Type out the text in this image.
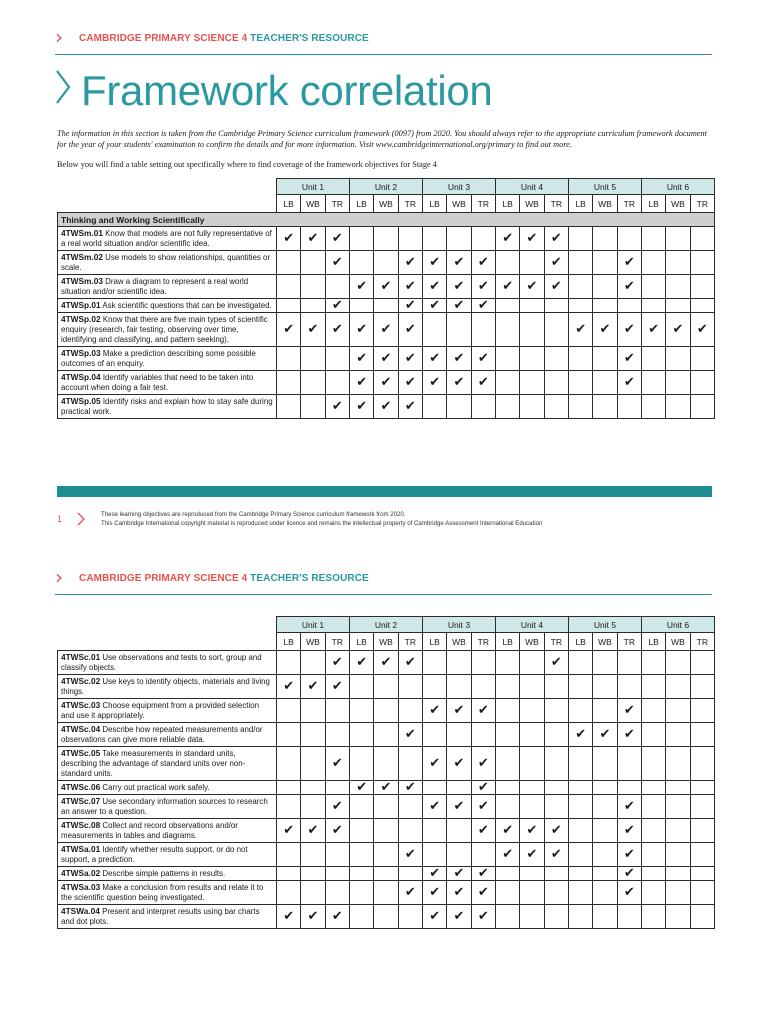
› CAMBRIDGE PRIMARY SCIENCE 4 TEACHER'S RESOURCE
Framework correlation
The information in this section is taken from the Cambridge Primary Science curriculum framework (0097) from 2020. You should always refer to the appropriate curriculum framework document for the year of your students' examination to confirm the details and for more information. Visit www.cambridgeinternational.org/primary to find out more.
Below you will find a table setting out specifically where to find coverage of the framework objectives for Stage 4
	Unit 1			Unit 2			Unit 3			Unit 4			Unit 5			Unit 6		
	LB	WB	TR	LB	WB	TR	LB	WB	TR	LB	WB	TR	LB	WB	TR	LB	WB	TR
Thinking and Working Scientifically																		
4TWSm.01 Know that models are not fully representative of a real world situation and/or scientific idea.	✔	✔	✔							✔	✔	✔						
4TWSm.02 Use models to show relationships, quantities or scale.			✔			✔	✔	✔	✔			✔			✔			
4TWSm.03 Draw a diagram to represent a real world situation and/or scientific idea.				✔	✔	✔	✔	✔	✔	✔	✔	✔			✔			
4TWSp.01 Ask scientific questions that can be investigated.			✔			✔	✔	✔	✔									
4TWSp.02 Know that there are five main types of scientific enquiry (research, fair testing, observing over time, identifying and classifying, and pattern seeking).	✔	✔	✔	✔	✔	✔							✔	✔	✔	✔	✔	✔
4TWSp.03 Make a prediction describing some possible outcomes of an enquiry.				✔	✔	✔	✔	✔	✔						✔			
4TWSp.04 Identify variables that need to be taken into account when doing a fair test.				✔	✔	✔	✔	✔	✔						✔			
4TWSp.05 Identify risks and explain how to stay safe during practical work.			✔	✔	✔	✔												
1	These learning objectives are reproduced from the Cambridge Primary Science curriculum framework from 2020.
This Cambridge International copyright material is reproduced under licence and remains the intellectual property of Cambridge Assessment International Education
› CAMBRIDGE PRIMARY SCIENCE 4 TEACHER'S RESOURCE
	Unit 1			Unit 2			Unit 3			Unit 4			Unit 5			Unit 6		
	LB	WB	TR	LB	WB	TR	LB	WB	TR	LB	WB	TR	LB	WB	TR	LB	WB	TR
4TWSc.01 Use observations and tests to sort, group and classify objects.			✔	✔	✔	✔						✔						
4TWSc.02 Use keys to identify objects, materials and living things.	✔	✔	✔															
4TWSc.03 Choose equipment from a provided selection and use it appropriately.							✔	✔	✔						✔			
4TWSc.04 Describe how repeated measurements and/or observations can give more reliable data.						✔							✔	✔	✔			
4TWSc.05 Take measurements in standard units, describing the advantage of standard units over non-standard units.			✔				✔	✔	✔									
4TWSc.06 Carry out practical work safely.				✔	✔	✔			✔									
4TWSc.07 Use secondary information sources to research an answer to a question.			✔				✔	✔	✔						✔			
4TWSc.08 Collect and record observations and/or measurements in tables and diagrams.	✔	✔	✔						✔	✔	✔	✔			✔			
4TWSa.01 Identify whether results support, or do not support, a prediction.						✔				✔	✔	✔			✔			
4TWSa.02 Describe simple patterns in results.							✔	✔	✔						✔			
4TWSa.03 Make a conclusion from results and relate it to the scientific question being investigated.						✔	✔	✔	✔						✔			
4TSWa.04 Present and interpret results using bar charts and dot plots.	✔	✔	✔				✔	✔	✔									
